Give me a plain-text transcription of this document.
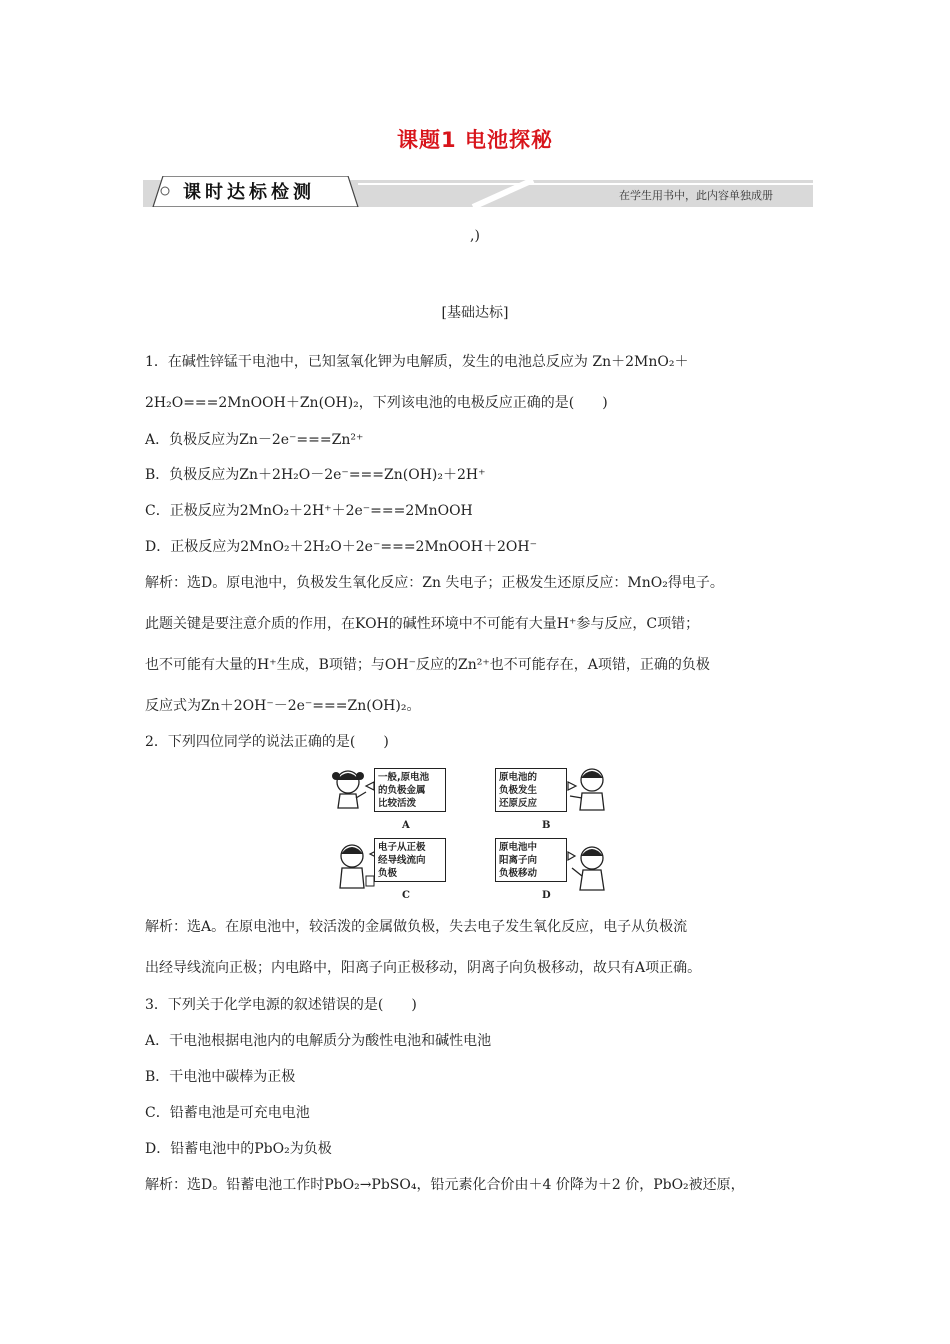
课题1 电池探秘
课时达标检测	在学生用书中，此内容单独成册
,)
[基础达标]
1．在碱性锌锰干电池中，已知氢氧化钾为电解质，发生的电池总反应为 Zn＋2MnO₂＋
2H₂O===2MnOOH＋Zn(OH)₂，下列该电池的电极反应正确的是(　　)
A．负极反应为Zn－2e⁻===Zn²⁺
B．负极反应为Zn＋2H₂O－2e⁻===Zn(OH)₂＋2H⁺
C．正极反应为2MnO₂＋2H⁺＋2e⁻===2MnOOH
D．正极反应为2MnO₂＋2H₂O＋2e⁻===2MnOOH＋2OH⁻
解析：选D。原电池中，负极发生氧化反应：Zn 失电子；正极发生还原反应：MnO₂得电子。
此题关键是要注意介质的作用，在KOH的碱性环境中不可能有大量H⁺参与反应，C项错；
也不可能有大量的H⁺生成，B项错；与OH⁻反应的Zn²⁺也不可能存在，A项错，正确的负极
反应式为Zn＋2OH⁻－2e⁻===Zn(OH)₂。
2．下列四位同学的说法正确的是(　　)
一般,原电池
的负极金属
比较活泼
原电池的
负极发生
还原反应
电子从正极
经导线流向
负极
原电池中
阳离子向
负极移动
A	B
C	D
解析：选A。在原电池中，较活泼的金属做负极，失去电子发生氧化反应，电子从负极流
出经导线流向正极；内电路中，阳离子向正极移动，阴离子向负极移动，故只有A项正确。
3．下列关于化学电源的叙述错误的是(　　)
A．干电池根据电池内的电解质分为酸性电池和碱性电池
B．干电池中碳棒为正极
C．铅蓄电池是可充电电池
D．铅蓄电池中的PbO₂为负极
解析：选D。铅蓄电池工作时PbO₂→PbSO₄，铅元素化合价由＋4 价降为＋2 价，PbO₂被还原，
